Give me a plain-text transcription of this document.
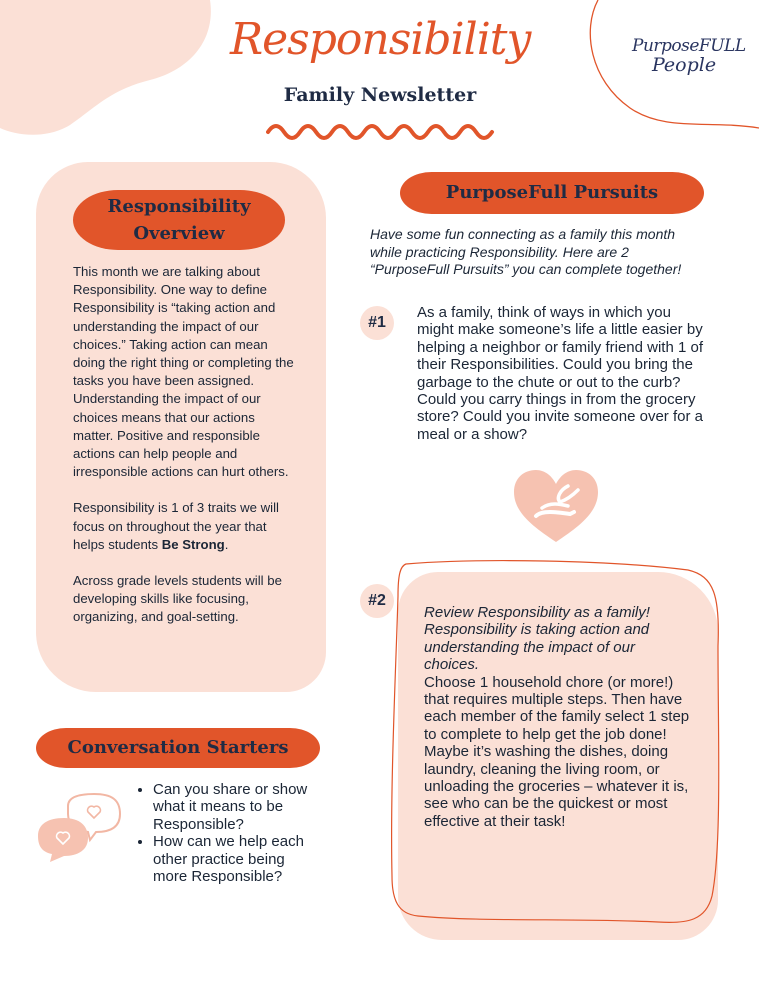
PurposeFULL
People
Responsibility
Family Newsletter
Responsibility
Overview

This month we are talking about Responsibility. One way to define Responsibility is “taking action and understanding the impact of our choices.” Taking action can mean doing the right thing or completing the tasks you have been assigned. Understanding the impact of our choices means that our actions matter. Positive and responsible actions can help people and irresponsible actions can hurt others.

Responsibility is 1 of 3 traits we will focus on throughout the year that helps students Be Strong.

Across grade levels students will be developing skills like focusing, organizing, and goal-setting.

Conversation Starters
• Can you share or show what it means to be Responsible?
• How can we help each other practice being more Responsible?
PurposeFull Pursuits
Have some fun connecting as a family this month while practicing Responsibility. Here are 2 “PurposeFull Pursuits” you can complete together!
#1
As a family, think of ways in which you might make someone’s life a little easier by helping a neighbor or family friend with 1 of their Responsibilities. Could you bring the garbage to the chute or out to the curb? Could you carry things in from the grocery store? Could you invite someone over for a meal or a show?
#2

Review Responsibility as a family! Responsibility is taking action and understanding the impact of our choices.

Choose 1 household chore (or more!) that requires multiple steps. Then have each member of the family select 1 step to complete to help get the job done! Maybe it’s washing the dishes, doing laundry, cleaning the living room, or unloading the groceries – whatever it is, see who can be the quickest or most effective at their task!
